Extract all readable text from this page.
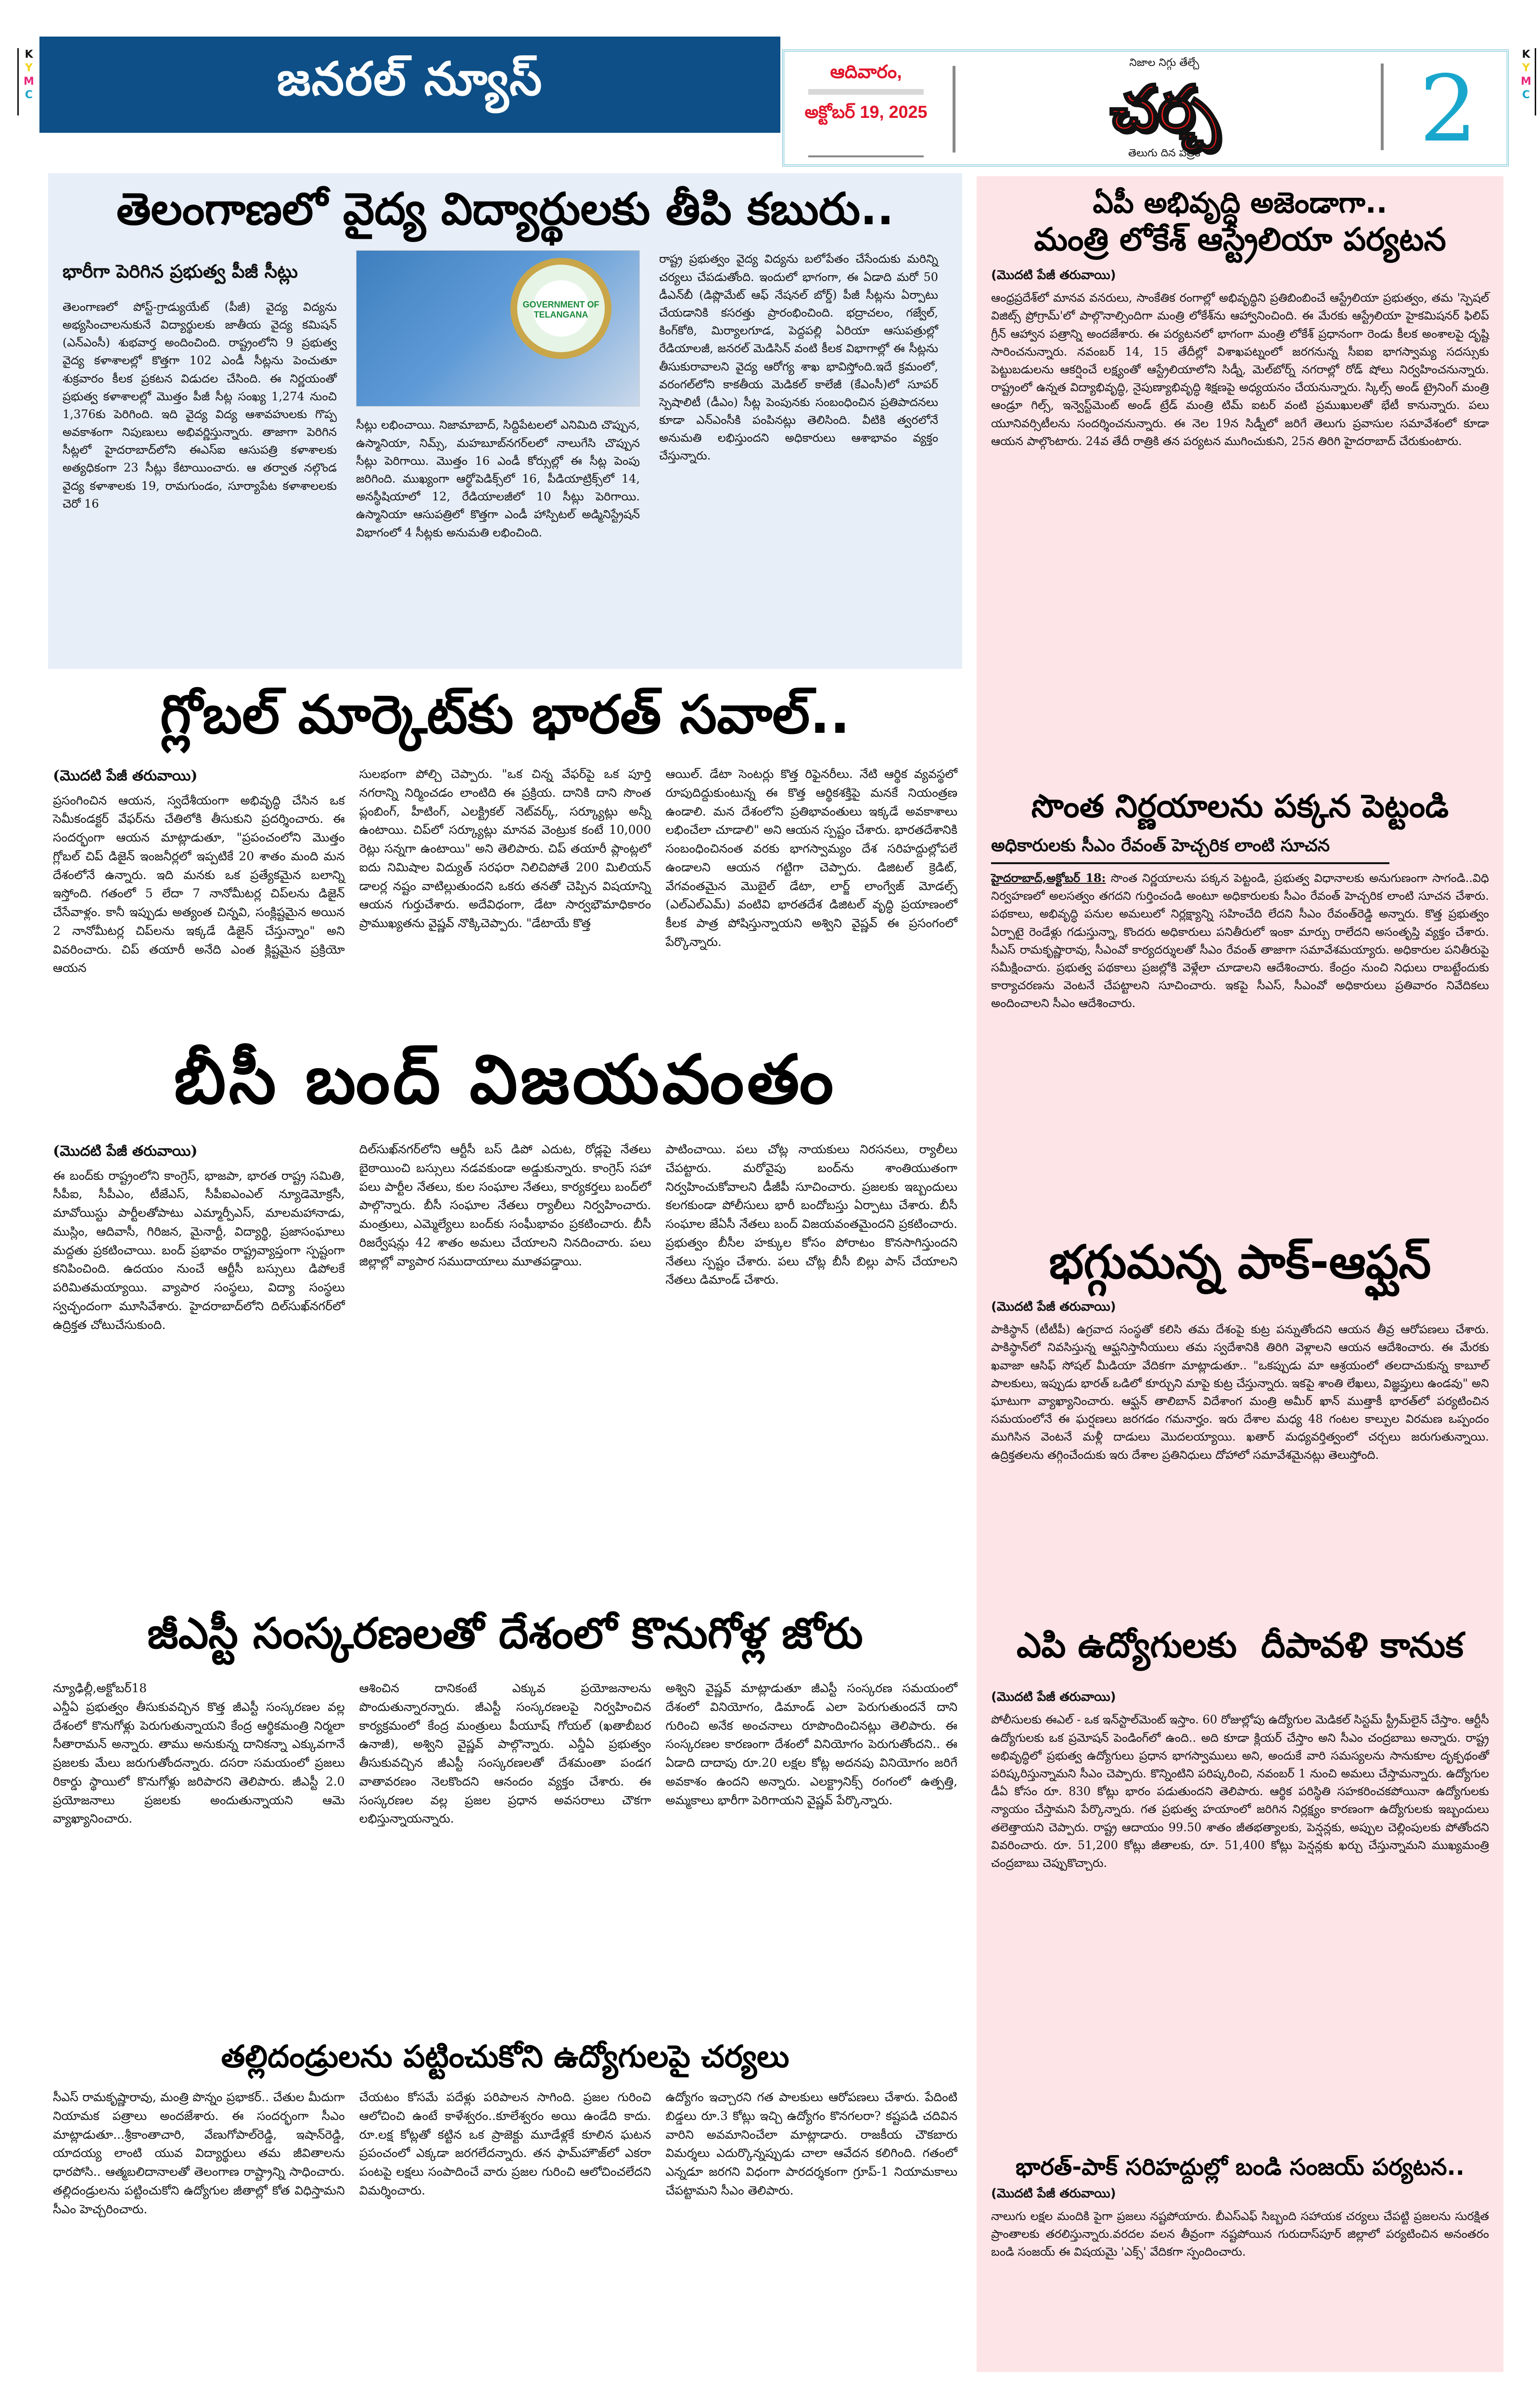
K
Y
M
C
K
Y
M
C
జనరల్ న్యూస్	ఆదివారం,
అక్టోబర్ 19, 2025
నిజాల నిగ్గు తేల్చే
చర్చ
తెలుగు దిన పత్రిక 2
తెలంగాణలో వైద్య విద్యార్థులకు తీపి కబురు..
భారీగా పెరిగిన ప్రభుత్వ పీజీ సీట్లు
తెలంగాణలో పోస్ట్-గ్రాడ్యుయేట్ (పీజీ) వైద్య విద్యను అభ్యసించాలనుకునే విద్యార్థులకు జాతీయ వైద్య కమిషన్ (ఎన్ఎంసీ) శుభవార్త అందించింది. రాష్ట్రంలోని 9 ప్రభుత్వ వైద్య కళాశాలల్లో కొత్తగా 102 ఎండీ సీట్లను పెంచుతూ శుక్రవారం కీలక ప్రకటన విడుదల చేసింది. ఈ నిర్ణయంతో ప్రభుత్వ కళాశాలల్లో మొత్తం పీజీ సీట్ల సంఖ్య 1,274 నుంచి 1,376కు పెరిగింది. ఇది వైద్య విద్య ఆశావహులకు గొప్ప అవకాశంగా నిపుణులు అభివర్ణిస్తున్నారు. తాజాగా పెరిగిన సీట్లలో హైదరాబాద్‌లోని ఈఎస్ఐ ఆసుపత్రి కళాశాలకు అత్యధికంగా 23 సీట్లు కేటాయించారు. ఆ తర్వాత నల్గొండ వైద్య కళాశాలకు 19, రామగుండం, సూర్యాపేట కళాశాలలకు చెరో 16
GOVERNMENT OF TELANGANA
సీట్లు లభించాయి. నిజామాబాద్, సిద్దిపేటలలో ఎనిమిది చొప్పున, ఉస్మానియా, నిమ్స్, మహబూబ్‌నగర్‌లలో నాలుగేసి చొప్పున సీట్లు పెరిగాయి. మొత్తం 16 ఎండీ కోర్సుల్లో ఈ సీట్ల పెంపు జరిగింది. ముఖ్యంగా ఆర్థోపెడిక్స్‌లో 16, పీడియాట్రిక్స్‌లో 14, అనస్థీషియాలో 12, రేడియాలజీలో 10 సీట్లు పెరిగాయి. ఉస్మానియా ఆసుపత్రిలో కొత్తగా ఎండీ హాస్పిటల్ అడ్మినిస్ట్రేషన్ విభాగంలో 4 సీట్లకు అనుమతి లభించింది.
రాష్ట్ర ప్రభుత్వం వైద్య విద్యను బలోపేతం చేసేందుకు మరిన్ని చర్యలు చేపడుతోంది. ఇందులో భాగంగా, ఈ ఏడాది మరో 50 డీఎన్‌బీ (డిప్లొమేట్ ఆఫ్ నేషనల్ బోర్డ్) పీజీ సీట్లను ఏర్పాటు చేయడానికి కసరత్తు ప్రారంభించింది. భద్రాచలం, గజ్వేల్, కింగ్‌కోఠి, మిర్యాలగూడ, పెద్దపల్లి ఏరియా ఆసుపత్రుల్లో రేడియాలజీ, జనరల్ మెడిసిన్ వంటి కీలక విభాగాల్లో ఈ సీట్లను తీసుకురావాలని వైద్య ఆరోగ్య శాఖ భావిస్తోంది.ఇదే క్రమంలో, వరంగల్‌లోని కాకతీయ మెడికల్ కాలేజీ (కేఎంసీ)లో సూపర్ స్పెషాలిటీ (డీఎం) సీట్ల పెంపునకు సంబంధించిన ప్రతిపాదనలు కూడా ఎన్ఎంసీకి పంపినట్లు తెలిసింది. వీటికి త్వరలోనే అనుమతి లభిస్తుందని అధికారులు ఆశాభావం వ్యక్తం చేస్తున్నారు.
గ్లోబల్ మార్కెట్‌కు భారత్ సవాల్..
(మొదటి పేజీ తరువాయి)
ప్రసంగించిన ఆయన, స్వదేశీయంగా అభివృద్ధి చేసిన ఒక సెమీకండక్టర్ వేఫర్‌ను చేతిలోకి తీసుకుని ప్రదర్శించారు. ఈ సందర్భంగా ఆయన మాట్లాడుతూ, "ప్రపంచంలోని మొత్తం గ్లోబల్ చిప్ డిజైన్ ఇంజనీర్లలో ఇప్పటికే 20 శాతం మంది మన దేశంలోనే ఉన్నారు. ఇది మనకు ఒక ప్రత్యేకమైన బలాన్ని ఇస్తోంది. గతంలో 5 లేదా 7 నానోమీటర్ల చిప్‌లను డిజైన్ చేసేవాళ్లం. కానీ ఇప్పుడు అత్యంత చిన్నవి, సంక్లిష్టమైన అయిన 2 నానోమీటర్ల చిప్‌లను ఇక్కడే డిజైన్ చేస్తున్నాం" అని వివరించారు. చిప్ తయారీ అనేది ఎంత క్లిష్టమైన ప్రక్రియో ఆయన
సులభంగా పోల్చి చెప్పారు. "ఒక చిన్న వేఫర్‌పై ఒక పూర్తి నగరాన్ని నిర్మించడం లాంటిది ఈ ప్రక్రియ. దానికి దాని సొంత ప్లంబింగ్, హీటింగ్, ఎలక్ట్రికల్ నెట్‌వర్క్, సర్క్యూట్లు అన్నీ ఉంటాయి. చిప్‌లో సర్క్యూట్లు మానవ వెంట్రుక కంటే 10,000 రెట్లు సన్నగా ఉంటాయి" అని తెలిపారు. చిప్ తయారీ ప్లాంట్లలో ఐదు నిమిషాల విద్యుత్ సరఫరా నిలిచిపోతే 200 మిలియన్ డాలర్ల నష్టం వాటిల్లుతుందని ఒకరు తనతో చెప్పిన విషయాన్ని ఆయన గుర్తుచేశారు. అదేవిధంగా, డేటా సార్వభౌమాధికారం ప్రాముఖ్యతను వైష్ణవ్ నొక్కిచెప్పారు. "డేటాయే కొత్త
ఆయిల్. డేటా సెంటర్లు కొత్త రిఫైనరీలు. నేటి ఆర్థిక వ్యవస్థలో రూపుదిద్దుకుంటున్న ఈ కొత్త ఆర్థికశక్తిపై మనకే నియంత్రణ ఉండాలి. మన దేశంలోని ప్రతిభావంతులు ఇక్కడే అవకాశాలు లభించేలా చూడాలి" అని ఆయన స్పష్టం చేశారు. భారతదేశానికి సంబంధించినంత వరకు భాగస్వామ్యం దేశ సరిహద్దుల్లోపలే ఉండాలని ఆయన గట్టిగా చెప్పారు. డిజిటల్ క్రెడిట్, వేగవంతమైన మొబైల్ డేటా, లార్జ్ లాంగ్వేజ్ మోడల్స్ (ఎల్ఎల్ఎమ్) వంటివి భారతదేశ డిజిటల్ వృద్ధి ప్రయాణంలో కీలక పాత్ర పోషిస్తున్నాయని అశ్విని వైష్ణవ్ ఈ ప్రసంగంలో పేర్కొన్నారు.
బీసీ బంద్ విజయవంతం
(మొదటి పేజీ తరువాయి)
ఈ బంద్‌కు రాష్ట్రంలోని కాంగ్రెస్, భాజపా, భారత రాష్ట్ర సమితి, సీపీఐ, సీపీఎం, టీజేఎస్, సీపీఐఎంఎల్ న్యూడెమోక్రసీ, మావోయిస్టు పార్టీలతోపాటు ఎమ్మార్పీఎస్, మాలమహానాడు, ముస్లిం, ఆదివాసీ, గిరిజన, మైనార్టీ, విద్యార్థి, ప్రజాసంఘాలు మద్దతు ప్రకటించాయి. బంద్ ప్రభావం రాష్ట్రవ్యాప్తంగా స్పష్టంగా కనిపించింది. ఉదయం నుంచే ఆర్టీసీ బస్సులు డిపోలకే పరిమితమయ్యాయి. వ్యాపార సంస్థలు, విద్యా సంస్థలు స్వచ్ఛందంగా మూసివేశారు. హైదరాబాద్‌లోని దిల్‌సుఖ్‌నగర్‌లో ఉద్రిక్తత చోటుచేసుకుంది.
దిల్‌సుఖ్‌నగర్‌లోని ఆర్టీసీ బస్ డిపో ఎదుట, రోడ్లపై నేతలు బైఠాయించి బస్సులు నడవకుండా అడ్డుకున్నారు. కాంగ్రెస్ సహా పలు పార్టీల నేతలు, కుల సంఘాల నేతలు, కార్యకర్తలు బంద్‌లో పాల్గొన్నారు. బీసీ సంఘాల నేతలు ర్యాలీలు నిర్వహించారు. మంత్రులు, ఎమ్మెల్యేలు బంద్‌కు సంఘీభావం ప్రకటించారు. బీసీ రిజర్వేషన్లు 42 శాతం అమలు చేయాలని నినదించారు. పలు జిల్లాల్లో వ్యాపార సముదాయాలు మూతపడ్డాయి.
పాటించాయి. పలు చోట్ల నాయకులు నిరసనలు, ర్యాలీలు చేపట్టారు. మరోవైపు బంద్‌ను శాంతియుతంగా నిర్వహించుకోవాలని డీజీపీ సూచించారు. ప్రజలకు ఇబ్బందులు కలగకుండా పోలీసులు భారీ బందోబస్తు ఏర్పాటు చేశారు. బీసీ సంఘాల జేఏసీ నేతలు బంద్ విజయవంతమైందని ప్రకటించారు. ప్రభుత్వం బీసీల హక్కుల కోసం పోరాటం కొనసాగిస్తుందని నేతలు స్పష్టం చేశారు. పలు చోట్ల బీసీ బిల్లు పాస్ చేయాలని నేతలు డిమాండ్ చేశారు.
జీఎస్టీ సంస్కరణలతో దేశంలో కొనుగోళ్ల జోరు
న్యూఢిల్లీ,అక్టోబర్18
ఎన్డీఏ ప్రభుత్వం తీసుకువచ్చిన కొత్త జీఎస్టీ సంస్కరణల వల్ల దేశంలో కొనుగోళ్లు పెరుగుతున్నాయని కేంద్ర ఆర్థికమంత్రి నిర్మలా సీతారామన్ అన్నారు. తాము అనుకున్న దానికన్నా ఎక్కువగానే ప్రజలకు మేలు జరుగుతోందన్నారు. దసరా సమయంలో ప్రజలు రికార్డు స్థాయిలో కొనుగోళ్లు జరిపారని తెలిపారు. జీఎస్టీ 2.0 ప్రయోజనాలు ప్రజలకు అందుతున్నాయని ఆమె వ్యాఖ్యానించారు.
ఆశించిన దానికంటే ఎక్కువ ప్రయోజనాలను పొందుతున్నారన్నారు. జీఎస్టీ సంస్కరణలపై నిర్వహించిన కార్యక్రమంలో కేంద్ర మంత్రులు పీయూష్ గోయల్ (ఖతాబీబర ఉనాజీ), అశ్విని వైష్ణవ్ పాల్గొన్నారు. ఎన్డీఏ ప్రభుత్వం తీసుకువచ్చిన జీఎస్టీ సంస్కరణలతో దేశమంతా పండగ వాతావరణం నెలకొందని ఆనందం వ్యక్తం చేశారు. ఈ సంస్కరణల వల్ల ప్రజల ప్రధాన అవసరాలు చౌకగా లభిస్తున్నాయన్నారు.
అశ్విని వైష్ణవ్ మాట్లాడుతూ జీఎస్టీ సంస్కరణ సమయంలో దేశంలో వినియోగం, డిమాండ్ ఎలా పెరుగుతుందనే దాని గురించి అనేక అంచనాలు రూపొందించినట్లు తెలిపారు. ఈ సంస్కరణల కారణంగా దేశంలో వినియోగం పెరుగుతోందని.. ఈ ఏడాది దాదాపు రూ.20 లక్షల కోట్ల అదనపు వినియోగం జరిగే అవకాశం ఉందని అన్నారు. ఎలక్ట్రానిక్స్ రంగంలో ఉత్పత్తి, అమ్మకాలు భారీగా పెరిగాయని వైష్ణవ్ పేర్కొన్నారు.
తల్లిదండ్రులను పట్టించుకోని ఉద్యోగులపై చర్యలు
సీఎస్ రామకృష్ణారావు, మంత్రి పొన్నం ప్రభాకర్.. చేతుల మీదుగా నియామక పత్రాలు అందజేశారు. ఈ సందర్భంగా సీఎం మాట్లాడుతూ...శ్రీకాంతాచారి, వేణుగోపాల్‌రెడ్డి, ఇషాన్‌రెడ్డి, యాదయ్య లాంటి యువ విద్యార్థులు తమ జీవితాలను ధారపోసి.. ఆత్మబలిదానాలతో తెలంగాణ రాష్ట్రాన్ని సాధించారు. తల్లిదండ్రులను పట్టించుకోని ఉద్యోగుల జీతాల్లో కోత విధిస్తామని సీఎం హెచ్చరించారు.
చేయటం కోసమే పదేళ్లు పరిపాలన సాగింది. ప్రజల గురించి ఆలోచించి ఉంటే కాళేశ్వరం..కూలేశ్వరం అయి ఉండేది కాదు. రూ.లక్ష కోట్లతో కట్టిన ఒక ప్రాజెక్టు మూడేళ్లకే కూలిన ఘటన ప్రపంచంలో ఎక్కడా జరగలేదన్నారు. తన ఫామ్‌హౌజ్‌లో ఎకరా పంటపై లక్షలు సంపాదించే వారు ప్రజల గురించి ఆలోచించలేదని విమర్శించారు.
ఉద్యోగం ఇచ్చారని గత పాలకులు ఆరోపణలు చేశారు. పేదింటి బిడ్డలు రూ.3 కోట్లు ఇచ్చి ఉద్యోగం కొనగలరా? కష్టపడి చదివిన వారిని అవమానించేలా మాట్లాడారు. రాజకీయ చౌకబారు విమర్శలు ఎదుర్కొన్నప్పుడు చాలా ఆవేదన కలిగింది. గతంలో ఎన్నడూ జరగని విధంగా పారదర్శకంగా గ్రూప్-1 నియామకాలు చేపట్టామని సీఎం తెలిపారు.
ఏపీ అభివృద్ధి అజెండాగా..
మంత్రి లోకేశ్ ఆస్ట్రేలియా పర్యటన
(మొదటి పేజీ తరువాయి)
ఆంధ్రప్రదేశ్‌లో మానవ వనరులు, సాంకేతిక రంగాల్లో అభివృద్ధిని ప్రతిబింబించే ఆస్ట్రేలియా ప్రభుత్వం, తమ 'స్పెషల్ విజిట్స్ ప్రోగ్రామ్'లో పాల్గొనాల్సిందిగా మంత్రి లోకేశ్‌ను ఆహ్వానించింది. ఈ మేరకు ఆస్ట్రేలియా హైకమిషనర్ ఫిలిప్ గ్రీన్ ఆహ్వాన పత్రాన్ని అందజేశారు. ఈ పర్యటనలో భాగంగా మంత్రి లోకేశ్ ప్రధానంగా రెండు కీలక అంశాలపై దృష్టి సారించనున్నారు. నవంబర్ 14, 15 తేదీల్లో విశాఖపట్నంలో జరగనున్న సీఐఐ భాగస్వామ్య సదస్సుకు పెట్టుబడులను ఆకర్షించే లక్ష్యంతో ఆస్ట్రేలియాలోని సిడ్నీ, మెల్‌బోర్న్ నగరాల్లో రోడ్ షోలు నిర్వహించనున్నారు. రాష్ట్రంలో ఉన్నత విద్యాభివృద్ధి, నైపుణ్యాభివృద్ధి శిక్షణపై అధ్యయనం చేయనున్నారు. స్కిల్స్ అండ్ ట్రైనింగ్ మంత్రి ఆండ్రూ గిల్స్, ఇన్వెస్ట్‌మెంట్ అండ్ ట్రేడ్ మంత్రి టిమ్ ఐటర్ వంటి ప్రముఖులతో భేటీ కానున్నారు. పలు యూనివర్సిటీలను సందర్శించనున్నారు. ఈ నెల 19న సిడ్నీలో జరిగే తెలుగు ప్రవాసుల సమావేశంలో కూడా ఆయన పాల్గొంటారు. 24వ తేదీ రాత్రికి తన పర్యటన ముగించుకుని, 25న తిరిగి హైదరాబాద్ చేరుకుంటారు.
సొంత నిర్ణయాలను పక్కన పెట్టండి
అధికారులకు సీఎం రేవంత్ హెచ్చరిక లాంటి సూచన
హైదరాబాద్,అక్టోబర్ 18: సొంత నిర్ణయాలను పక్కన పెట్టండి, ప్రభుత్వ విధానాలకు అనుగుణంగా సాగండి..విధి నిర్వహణలో అలసత్వం తగదని గుర్తించండి అంటూ అధికారులకు సీఎం రేవంత్ హెచ్చరిక లాంటి సూచన చేశారు. పథకాలు, అభివృద్ధి పనుల అమలులో నిర్లక్ష్యాన్ని సహించేది లేదని సీఎం రేవంత్‌రెడ్డి అన్నారు. కొత్త ప్రభుత్వం ఏర్పాటై రెండేళ్లు గడుస్తున్నా, కొందరు అధికారులు పనితీరులో ఇంకా మార్పు రాలేదని అసంతృప్తి వ్యక్తం చేశారు. సీఎస్ రామకృష్ణారావు, సీఎంవో కార్యదర్శులతో సీఎం రేవంత్ తాజాగా సమావేశమయ్యారు. అధికారుల పనితీరుపై సమీక్షించారు. ప్రభుత్వ పథకాలు ప్రజల్లోకి వెళ్లేలా చూడాలని ఆదేశించారు. కేంద్రం నుంచి నిధులు రాబట్టేందుకు కార్యాచరణను వెంటనే చేపట్టాలని సూచించారు. ఇకపై సీఎస్, సీఎంవో అధికారులు ప్రతివారం నివేదికలు అందించాలని సీఎం ఆదేశించారు.
భగ్గుమన్న పాక్-ఆఫ్ఘన్
(మొదటి పేజీ తరువాయి)
పాకిస్థాన్ (టీటీపీ) ఉగ్రవాద సంస్థతో కలిసి తమ దేశంపై కుట్ర పన్నుతోందని ఆయన తీవ్ర ఆరోపణలు చేశారు. పాకిస్థాన్‌లో నివసిస్తున్న ఆఫ్ఘనిస్తానీయులు తమ స్వదేశానికి తిరిగి వెళ్లాలని ఆయన ఆదేశించారు. ఈ మేరకు ఖవాజా ఆసిఫ్ సోషల్ మీడియా వేదికగా మాట్లాడుతూ.. "ఒకప్పుడు మా ఆశ్రయంలో తలదాచుకున్న కాబూల్ పాలకులు, ఇప్పుడు భారత్ ఒడిలో కూర్చుని మాపై కుట్ర చేస్తున్నారు. ఇకపై శాంతి లేఖలు, విజ్ఞప్తులు ఉండవు" అని ఘాటుగా వ్యాఖ్యానించారు. ఆఫ్ఘన్ తాలిబాన్ విదేశాంగ మంత్రి అమీర్ ఖాన్ ముత్తాకీ భారత్‌లో పర్యటించిన సమయంలోనే ఈ ఘర్షణలు జరగడం గమనార్హం. ఇరు దేశాల మధ్య 48 గంటల కాల్పుల విరమణ ఒప్పందం ముగిసిన వెంటనే మళ్లీ దాడులు మొదలయ్యాయి. ఖతార్ మధ్యవర్తిత్వంలో చర్చలు జరుగుతున్నాయి. ఉద్రిక్తతలను తగ్గించేందుకు ఇరు దేశాల ప్రతినిధులు దోహాలో సమావేశమైనట్లు తెలుస్తోంది.
ఎపి ఉద్యోగులకు  దీపావళి కానుక
(మొదటి పేజీ తరువాయి)
పోలీసులకు ఈఎల్ - ఒక ఇన్‌స్టాల్‌మెంట్ ఇస్తాం. 60 రోజుల్లోపు ఉద్యోగుల మెడికల్ సిస్టమ్ స్ట్రీమ్‌లైన్ చేస్తాం. ఆర్టీసీ ఉద్యోగులకు ఒక ప్రమోషన్ పెండింగ్‌లో ఉంది.. అది కూడా క్లియర్ చేస్తాం అని సీఎం చంద్రబాబు అన్నారు. రాష్ట్ర అభివృద్ధిలో ప్రభుత్వ ఉద్యోగులు ప్రధాన భాగస్వాములు అని, అందుకే వారి సమస్యలను సానుకూల దృక్పథంతో పరిష్కరిస్తున్నామని సీఎం చెప్పారు. కొన్నింటిని పరిష్కరించి, నవంబర్ 1 నుంచి అమలు చేస్తామన్నారు. ఉద్యోగుల డీఏ కోసం రూ. 830 కోట్లు భారం పడుతుందని తెలిపారు. ఆర్థిక పరిస్థితి సహకరించకపోయినా ఉద్యోగులకు న్యాయం చేస్తామని పేర్కొన్నారు. గత ప్రభుత్వ హయాంలో జరిగిన నిర్లక్ష్యం కారణంగా ఉద్యోగులకు ఇబ్బందులు తలెత్తాయని చెప్పారు. రాష్ట్ర ఆదాయం 99.50 శాతం జీతభత్యాలకు, పెన్షన్లకు, అప్పుల చెల్లింపులకు పోతోందని వివరించారు. రూ. 51,200 కోట్లు జీతాలకు, రూ. 51,400 కోట్లు పెన్షన్లకు ఖర్చు చేస్తున్నామని ముఖ్యమంత్రి చంద్రబాబు చెప్పుకొచ్చారు.
భారత్-పాక్ సరిహద్దుల్లో బండి సంజయ్ పర్యటన..
(మొదటి పేజీ తరువాయి)
నాలుగు లక్షల మందికి పైగా ప్రజలు నష్టపోయారు. బీఎస్ఎఫ్ సిబ్బంది సహాయక చర్యలు చేపట్టి ప్రజలను సురక్షిత ప్రాంతాలకు తరలిస్తున్నారు.వరదల వలన తీవ్రంగా నష్టపోయిన గురుదాస్‌పూర్ జిల్లాలో పర్యటించిన అనంతరం బండి సంజయ్ ఈ విషయమై 'ఎక్స్' వేదికగా స్పందించారు.
